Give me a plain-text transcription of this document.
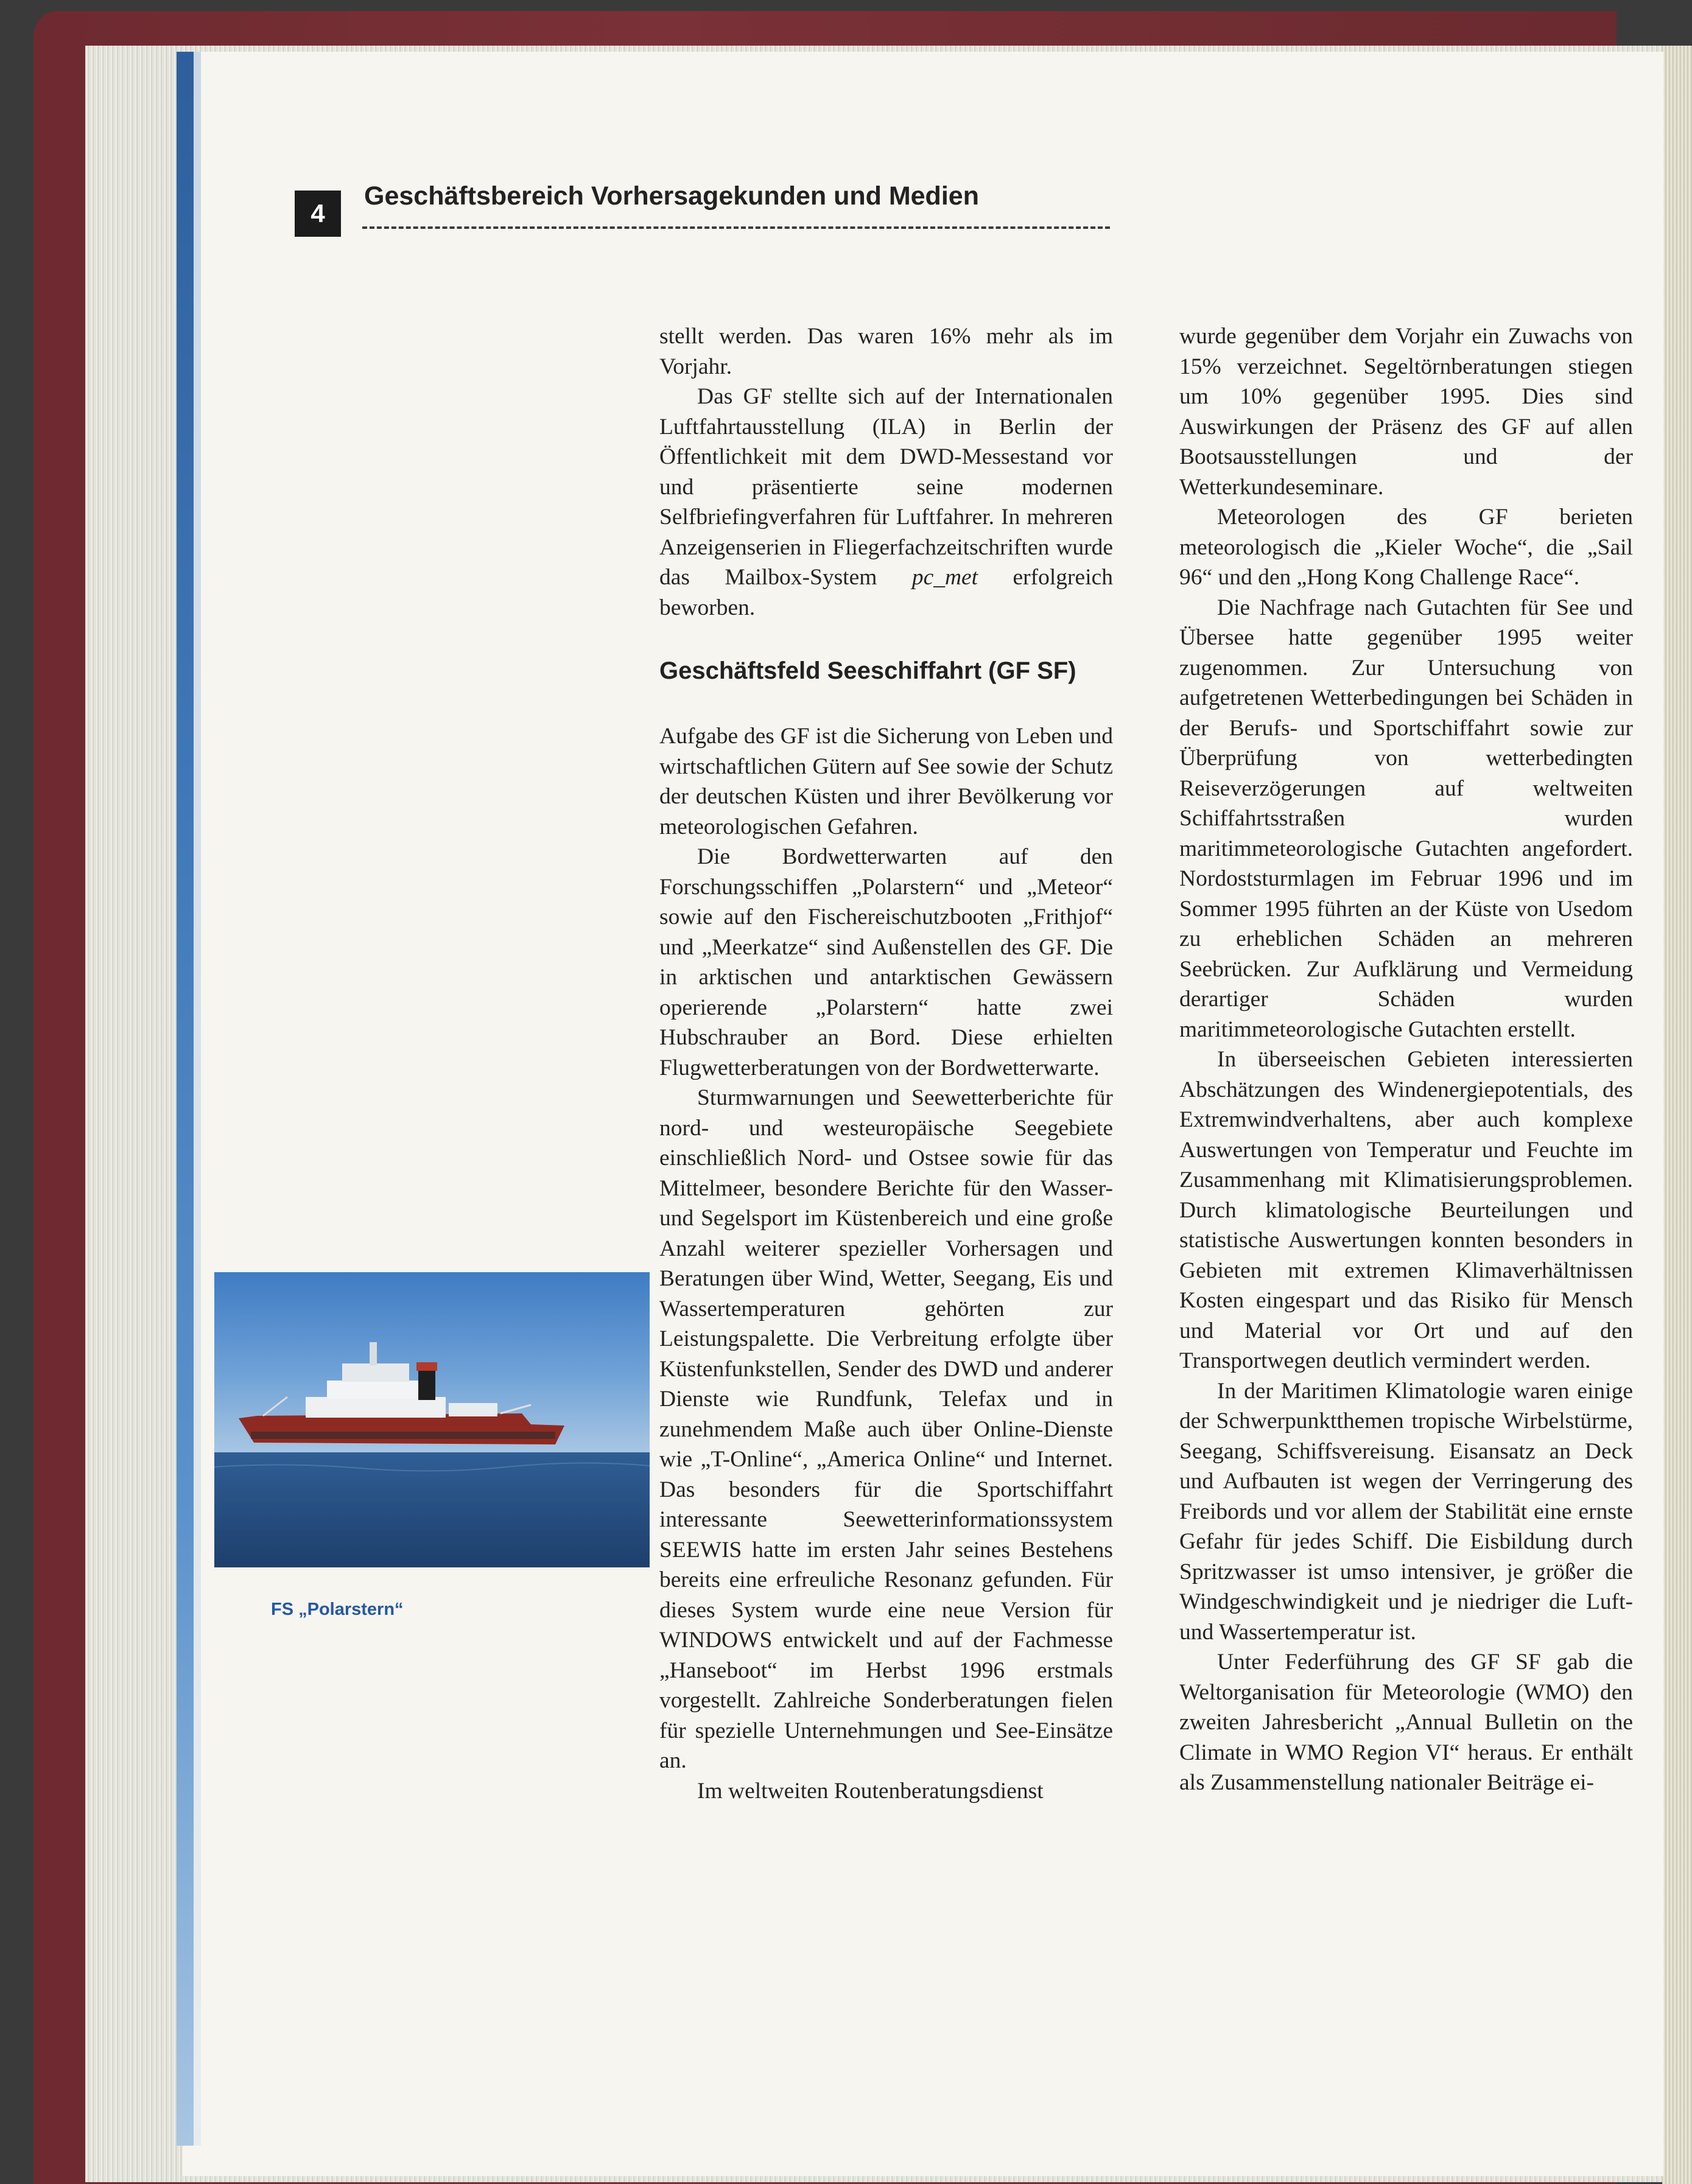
4
Geschäftsbereich Vorhersagekunden und Medien

FS „Polarstern“

stellt werden. Das waren 16% mehr als im Vorjahr.

Das GF stellte sich auf der Internationalen Luftfahrtausstellung (ILA) in Berlin der Öffentlichkeit mit dem DWD-Messestand vor und präsentierte seine modernen Selfbriefingverfahren für Luftfahrer. In mehreren Anzeigenserien in Fliegerfachzeitschriften wurde das Mailbox-System pc_met erfolgreich beworben.

Geschäftsfeld Seeschiffahrt (GF SF)

Aufgabe des GF ist die Sicherung von Leben und wirtschaftlichen Gütern auf See sowie der Schutz der deutschen Küsten und ihrer Bevölkerung vor meteorologischen Gefahren.

Die Bordwetterwarten auf den Forschungsschiffen „Polarstern“ und „Meteor“ sowie auf den Fischereischutzbooten „Frithjof“ und „Meerkatze“ sind Außenstellen des GF. Die in arktischen und antarktischen Gewässern operierende „Polarstern“ hatte zwei Hubschrauber an Bord. Diese erhielten Flugwetterberatungen von der Bordwetterwarte.

Sturmwarnungen und Seewetterberichte für nord- und westeuropäische Seegebiete einschließlich Nord- und Ostsee sowie für das Mittelmeer, besondere Berichte für den Wasser- und Segelsport im Küstenbereich und eine große Anzahl weiterer spezieller Vorhersagen und Beratungen über Wind, Wetter, Seegang, Eis und Wassertemperaturen gehörten zur Leistungspalette. Die Verbreitung erfolgte über Küstenfunkstellen, Sender des DWD und anderer Dienste wie Rundfunk, Telefax und in zunehmendem Maße auch über Online-Dienste wie „T-Online“, „America Online“ und Internet. Das besonders für die Sportschiffahrt interessante Seewetterinformationssystem SEEWIS hatte im ersten Jahr seines Bestehens bereits eine erfreuliche Resonanz gefunden. Für dieses System wurde eine neue Version für WINDOWS entwickelt und auf der Fachmesse „Hanseboot“ im Herbst 1996 erstmals vorgestellt. Zahlreiche Sonderberatungen fielen für spezielle Unternehmungen und See-Einsätze an.

Im weltweiten Routenberatungsdienst

wurde gegenüber dem Vorjahr ein Zuwachs von 15% verzeichnet. Segeltörnberatungen stiegen um 10% gegenüber 1995. Dies sind Auswirkungen der Präsenz des GF auf allen Bootsausstellungen und der Wetterkundeseminare.

Meteorologen des GF berieten meteorologisch die „Kieler Woche“, die „Sail 96“ und den „Hong Kong Challenge Race“.

Die Nachfrage nach Gutachten für See und Übersee hatte gegenüber 1995 weiter zugenommen. Zur Untersuchung von aufgetretenen Wetterbedingungen bei Schäden in der Berufs- und Sportschiffahrt sowie zur Überprüfung von wetterbedingten Reiseverzögerungen auf weltweiten Schiffahrtsstraßen wurden maritimmeteorologische Gutachten angefordert. Nordoststurmlagen im Februar 1996 und im Sommer 1995 führten an der Küste von Usedom zu erheblichen Schäden an mehreren Seebrücken. Zur Aufklärung und Vermeidung derartiger Schäden wurden maritimmeteorologische Gutachten erstellt.

In überseeischen Gebieten interessierten Abschätzungen des Windenergiepotentials, des Extremwindverhaltens, aber auch komplexe Auswertungen von Temperatur und Feuchte im Zusammenhang mit Klimatisierungsproblemen. Durch klimatologische Beurteilungen und statistische Auswertungen konnten besonders in Gebieten mit extremen Klimaverhältnissen Kosten eingespart und das Risiko für Mensch und Material vor Ort und auf den Transportwegen deutlich vermindert werden.

In der Maritimen Klimatologie waren einige der Schwerpunktthemen tropische Wirbelstürme, Seegang, Schiffsvereisung. Eisansatz an Deck und Aufbauten ist wegen der Verringerung des Freibords und vor allem der Stabilität eine ernste Gefahr für jedes Schiff. Die Eisbildung durch Spritzwasser ist umso intensiver, je größer die Windgeschwindigkeit und je niedriger die Luft- und Wassertemperatur ist.

Unter Federführung des GF SF gab die Weltorganisation für Meteorologie (WMO) den zweiten Jahresbericht „Annual Bulletin on the Climate in WMO Region VI“ heraus. Er enthält als Zusammenstellung nationaler Beiträge ei-
